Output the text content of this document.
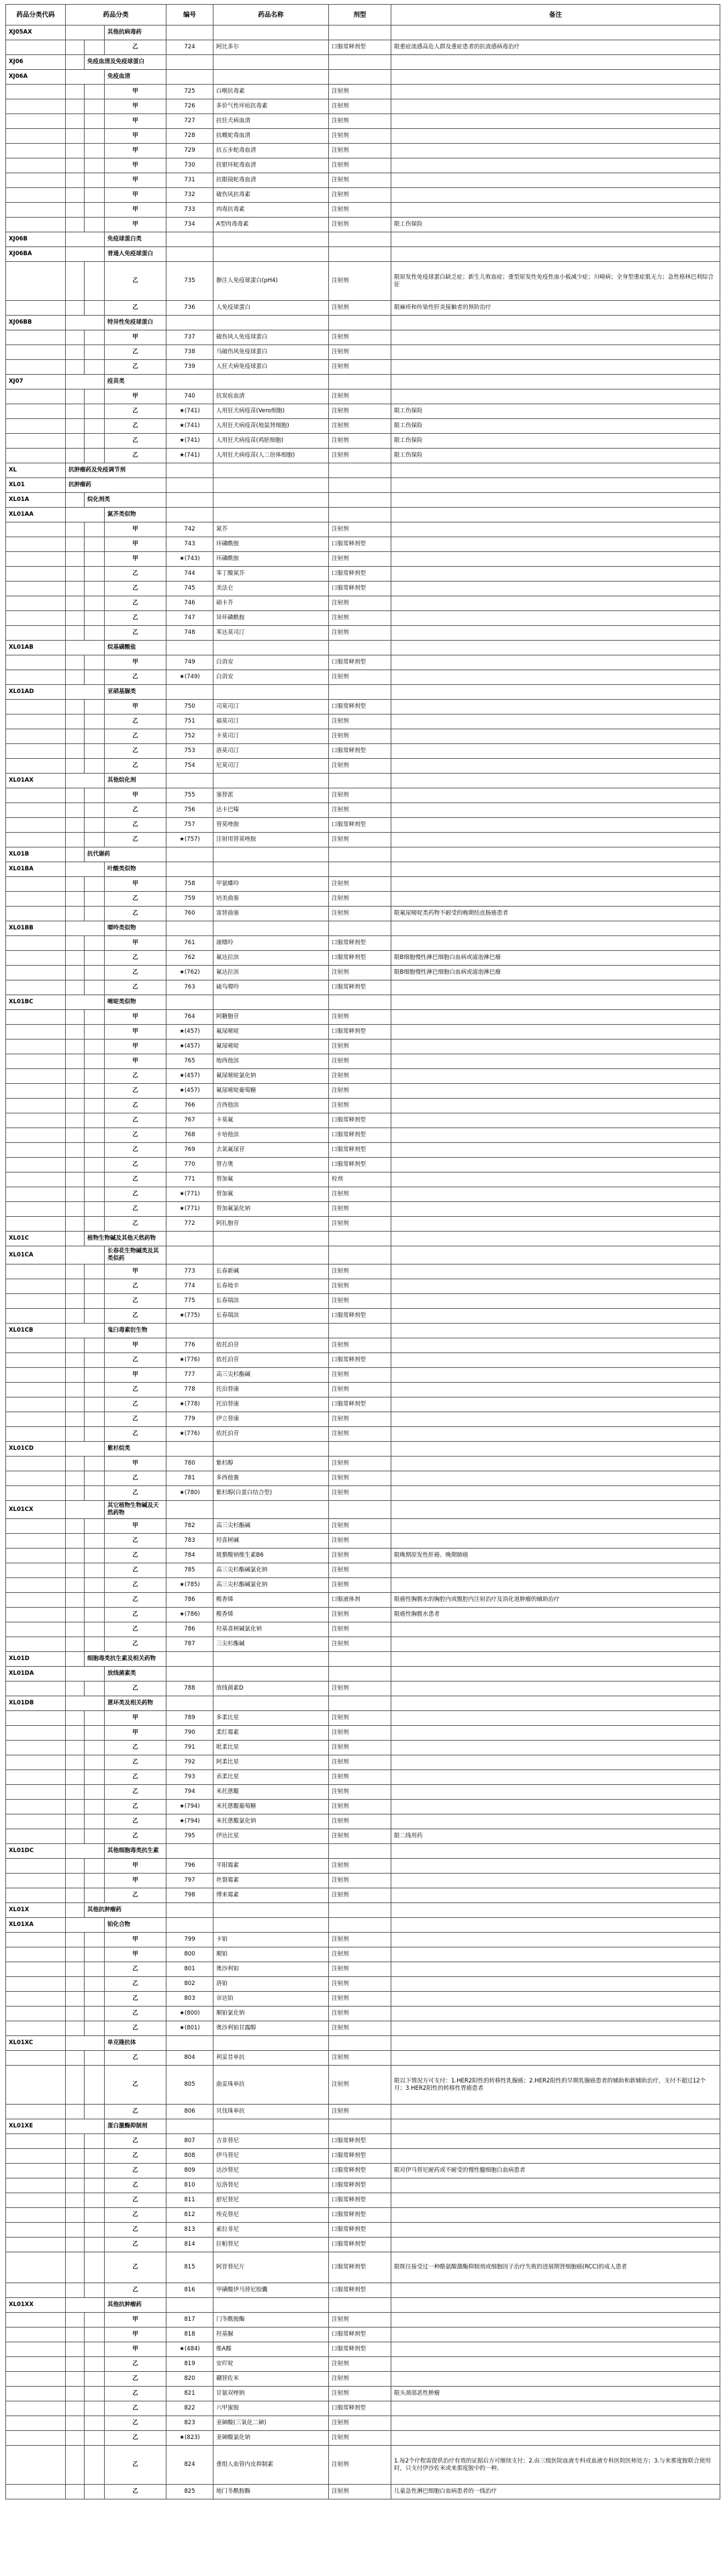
药品分类代码	药品分类			编号	药品名称	剂型	备注
XJ05AX			其他抗病毒药				
			乙	724	阿比多尔	口服常释剂型	限重症流感高危人群及重症患者的抗流感病毒治疗
XJ06		免疫血清及免疫球蛋白					
XJ06A			免疫血清				
			甲	725	白喉抗毒素	注射剂	
			甲	726	多价气性坏疽抗毒素	注射剂	
			甲	727	抗狂犬病血清	注射剂	
			甲	728	抗蝮蛇毒血清	注射剂	
			甲	729	抗五步蛇毒血清	注射剂	
			甲	730	抗银环蛇毒血清	注射剂	
			甲	731	抗眼镜蛇毒血清	注射剂	
			甲	732	破伤风抗毒素	注射剂	
			甲	733	肉毒抗毒素	注射剂	
			甲	734	A型肉毒毒素	注射剂	限工伤保险
XJ06B			免疫球蛋白类				
XJ06BA			普通人免疫球蛋白				
			乙	735	静注人免疫球蛋白(pH4)	注射剂	限原发性免疫球蛋白缺乏症；新生儿败血症；重型原发性免疫性血小板减少症；川崎病；全身型重症肌无力；急性格林巴利综合征
			乙	736	人免疫球蛋白	注射剂	限麻疹和传染性肝炎接触者的预防治疗
XJ06BB			特异性免疫球蛋白				
			甲	737	破伤风人免疫球蛋白	注射剂	
			乙	738	马破伤风免疫球蛋白	注射剂	
			乙	739	人狂犬病免疫球蛋白	注射剂	
XJ07			疫苗类				
			甲	740	抗炭疽血清	注射剂	
			乙	★(741)	人用狂犬病疫苗(Vero细胞)	注射剂	限工伤保险
			乙	★(741)	人用狂犬病疫苗(地鼠肾细胞)	注射剂	限工伤保险
			乙	★(741)	人用狂犬病疫苗(鸡胚细胞)	注射剂	限工伤保险
			乙	★(741)	人用狂犬病疫苗(人二倍体细胞)	注射剂	限工伤保险
XL	抗肿瘤药及免疫调节剂						
XL01	抗肿瘤药						
XL01A		烷化剂类					
XL01AA			氮芥类似物				
			甲	742	氮芥	注射剂	
			甲	743	环磷酰胺	口服常释剂型	
			甲	★(743)	环磷酰胺	注射剂	
			乙	744	苯丁酸氮芥	口服常释剂型	
			乙	745	美法仑	口服常释剂型	
			乙	746	硝卡芥	注射剂	
			乙	747	异环磷酰胺	注射剂	
			乙	748	苯达莫司汀	注射剂	
XL01AB			烷基磺酸盐				
			甲	749	白消安	口服常释剂型	
			乙	★(749)	白消安	注射剂	
XL01AD			亚硝基脲类				
			甲	750	司莫司汀	口服常释剂型	
			乙	751	福莫司汀	注射剂	
			乙	752	卡莫司汀	注射剂	
			乙	753	洛莫司汀	口服常释剂型	
			乙	754	尼莫司汀	注射剂	
XL01AX			其他烷化剂				
			甲	755	塞替派	注射剂	
			乙	756	达卡巴嗪	注射剂	
			乙	757	替莫唑胺	口服常释剂型	
			乙	★(757)	注射用替莫唑胺	注射剂	
XL01B		抗代谢药					
XL01BA			叶酸类似物				
			甲	758	甲氨蝶呤	注射剂	
			乙	759	培美曲塞	注射剂	
			乙	760	雷替曲塞	注射剂	限氟尿嘧啶类药物不耐受的晚期结直肠癌患者
XL01BB			嘌呤类似物				
			甲	761	巯嘌呤	口服常释剂型	
			乙	762	氟达拉滨	口服常释剂型	限B细胞慢性淋巴细胞白血病或滤泡淋巴瘤
			乙	★(762)	氟达拉滨	注射剂	限B细胞慢性淋巴细胞白血病或滤泡淋巴瘤
			乙	763	硫鸟嘌呤	口服常释剂型	
XL01BC			嘧啶类似物				
			甲	764	阿糖胞苷	注射剂	
			甲	★(457)	氟尿嘧啶	口服常释剂型	
			甲	★(457)	氟尿嘧啶	注射剂	
			甲	765	地西他滨	注射剂	
			乙	★(457)	氟尿嘧啶氯化钠	注射剂	
			乙	★(457)	氟尿嘧啶葡萄糖	注射剂	
			乙	766	吉西他滨	注射剂	
			乙	767	卡莫氟	口服常释剂型	
			乙	768	卡培他滨	口服常释剂型	
			乙	769	去氧氟尿苷	口服常释剂型	
			乙	770	替吉奥	口服常释剂型	
			乙	771	替加氟	栓剂	
			乙	★(771)	替加氟	注射剂	
			乙	★(771)	替加氟氯化钠	注射剂	
			乙	772	阿扎胞苷	注射剂	
XL01C		植物生物碱及其他天然药物					
XL01CA			长春花生物碱类及其类似药				
			甲	773	长春新碱	注射剂	
			乙	774	长春地辛	注射剂	
			乙	775	长春瑞滨	注射剂	
			乙	★(775)	长春瑞滨	口服常释剂型	
XL01CB			鬼臼毒素衍生物				
			甲	776	依托泊苷	注射剂	
			乙	★(776)	依托泊苷	口服常释剂型	
			甲	777	高三尖杉酯碱	注射剂	
			乙	778	托泊替康	注射剂	
			乙	★(778)	托泊替康	口服常释剂型	
			乙	779	伊立替康	注射剂	
			乙	★(776)	依托泊苷	注射剂	
XL01CD			紫杉烷类				
			甲	780	紫杉醇	注射剂	
			乙	781	多西他赛	注射剂	
			乙	★(780)	紫杉醇(白蛋白结合型)	注射剂	
XL01CX			其它植物生物碱及天然药物				
			甲	782	高三尖杉酯碱	注射剂	
			乙	783	羟喜树碱	注射剂	
			乙	784	斑蝥酸钠维生素B6	注射剂	限晚期原发性肝癌、晚期肺癌
			乙	785	高三尖杉酯碱氯化钠	注射剂	
			乙	★(785)	高三尖杉酯碱氯化钠	注射剂	
			乙	786	榄香烯	口服液体剂	限癌性胸腹水的胸腔内或腹腔内注射治疗及消化道肿瘤的辅助治疗
			乙	★(786)	榄香烯	注射剂	限癌性胸腹水患者
			乙	786	羟基喜树碱氯化钠	注射剂	
			乙	787	三尖杉酯碱	注射剂	
XL01D		细胞毒类抗生素及相关药物					
XL01DA			放线菌素类				
			乙	788	放线菌素D	注射剂	
XL01DB			蒽环类及相关药物				
			甲	789	多柔比星	注射剂	
			甲	790	柔红霉素	注射剂	
			乙	791	吡柔比星	注射剂	
			乙	792	阿柔比星	注射剂	
			乙	793	表柔比星	注射剂	
			乙	794	米托蒽醌	注射剂	
			乙	★(794)	米托蒽醌葡萄糖	注射剂	
			乙	★(794)	米托蒽醌氯化钠	注射剂	
			乙	795	伊达比星	注射剂	限二线用药
XL01DC			其他细胞毒类抗生素				
			甲	796	平阳霉素	注射剂	
			甲	797	丝裂霉素	注射剂	
			乙	798	博来霉素	注射剂	
XL01X		其他抗肿瘤药					
XL01XA			铂化合物				
			甲	799	卡铂	注射剂	
			甲	800	顺铂	注射剂	
			乙	801	奥沙利铂	注射剂	
			乙	802	洛铂	注射剂	
			乙	803	奈达铂	注射剂	
			乙	★(800)	顺铂氯化钠	注射剂	
			乙	★(801)	奥沙利铂甘露醇	注射剂	
XL01XC			单克隆抗体				
			乙	804	利妥昔单抗	注射剂	
			乙	805	曲妥珠单抗	注射剂	限以下情况方可支付：1.HER2阳性的转移性乳腺癌；2.HER2阳性的早期乳腺癌患者的辅助和新辅助治疗，支付不超过12个月；3.HER2阳性的转移性胃癌患者
			乙	806	贝伐珠单抗	注射剂	
XL01XE			蛋白激酶抑制剂				
			乙	807	吉非替尼	口服常释剂型	
			乙	808	伊马替尼	口服常释剂型	
			乙	809	达沙替尼	口服常释剂型	限对伊马替尼耐药或不耐受的慢性髓细胞白血病患者
			乙	810	厄洛替尼	口服常释剂型	
			乙	811	舒尼替尼	口服常释剂型	
			乙	812	埃克替尼	口服常释剂型	
			乙	813	索拉非尼	口服常释剂型	
			乙	814	拉帕替尼	口服常释剂型	
			乙	815	阿昔替尼片	口服常释剂型	限既往接受过一种酪氨酸激酶抑制剂或细胞因子治疗失败的进展期肾细胞癌(RCC)的成人患者
			乙	816	甲磺酸伊马替尼胶囊	口服常释剂型	
XL01XX			其他抗肿瘤药				
			甲	817	门冬酰胺酶	注射剂	
			甲	818	羟基脲	口服常释剂型	
			甲	★(484)	维A酸	口服常释剂型	
			乙	819	安吖啶	注射剂	
			乙	820	硼替佐米	注射剂	
			乙	821	甘氨双唑钠	注射剂	限头颈部恶性肿瘤
			乙	822	六甲蜜胺	口服常释剂型	
			乙	823	亚砷酸(三氧化二砷)	注射剂	
			乙	★(823)	亚砷酸氯化钠	注射剂	
			乙	824	重组人血管内皮抑制素	注射剂	1.每2个疗程需提供治疗有效的证据后方可继续支付；2.由三级医院血液专科或血液专科医院医师处方；3.与来那度胺联合使用时，只支付伊沙佐米或来那度胺中的一种。
			乙	825	地门冬酰胺酶	注射剂	儿童急性淋巴细胞白血病患者的一线治疗
